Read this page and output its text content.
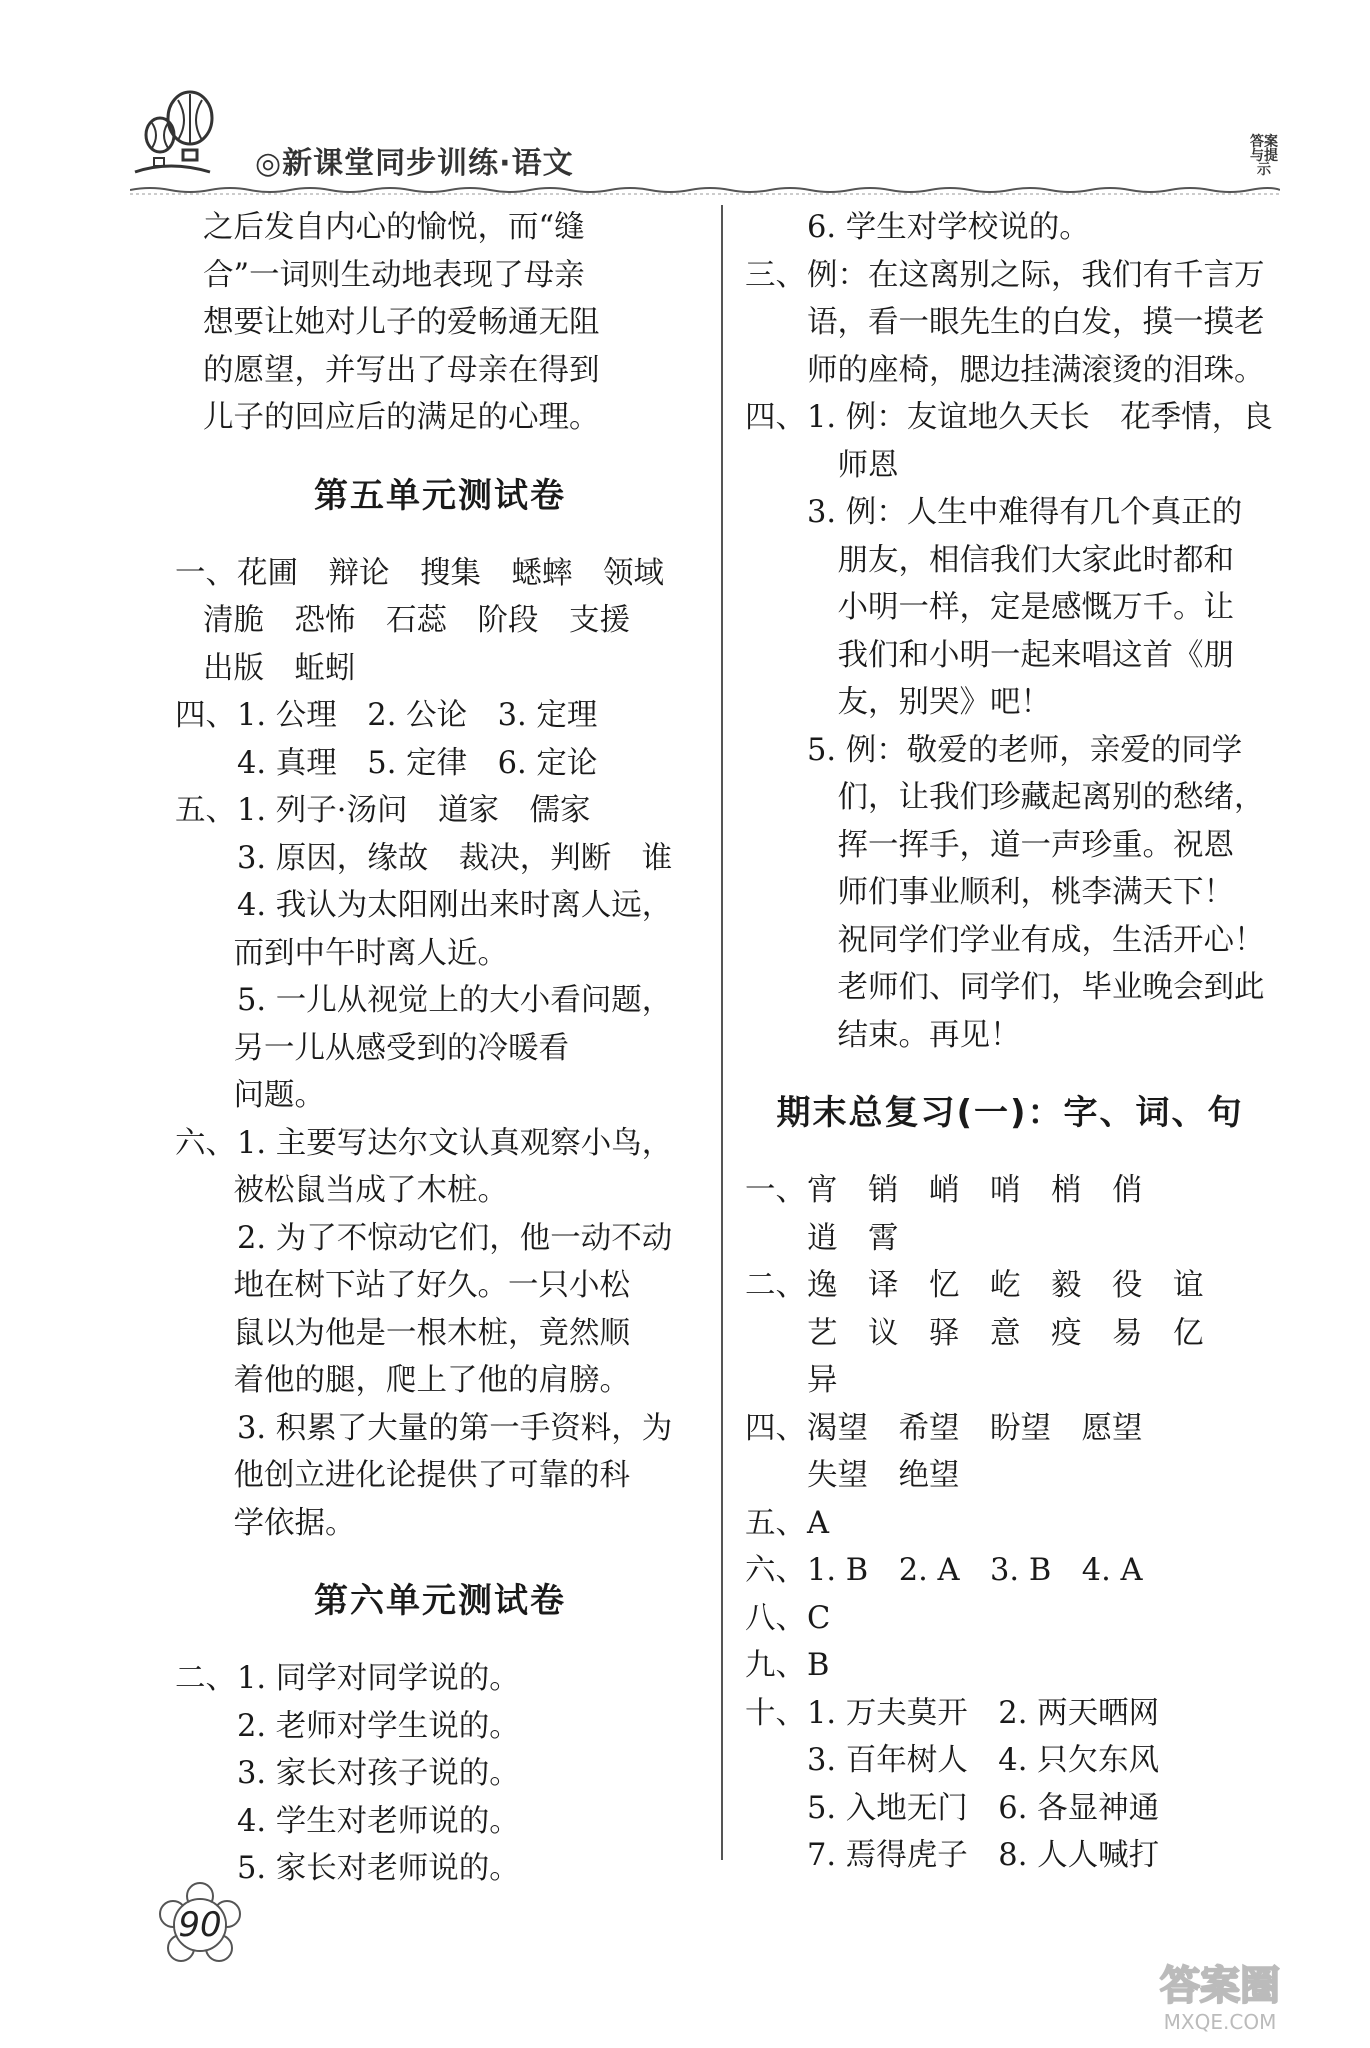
◎新课堂同步训练·语文
答案与提示
之后发自内心的愉悦，而“缝
合”一词则生动地表现了母亲
想要让她对儿子的爱畅通无阻
的愿望，并写出了母亲在得到
儿子的回应后的满足的心理。
第五单元测试卷
一、 花圃　辩论　搜集　蟋蟀　领域
清脆　恐怖　石蕊　阶段　支援
出版　蚯蚓
四、 1. 公理　2. 公论　3. 定理
4. 真理　5. 定律　6. 定论
五、 1. 列子·汤问　道家　儒家
3. 原因，缘故　裁决，判断　谁
4. 我认为太阳刚出来时离人远，
　而到中午时离人近。
5. 一儿从视觉上的大小看问题，
　另一儿从感受到的冷暖看
　问题。
六、 1. 主要写达尔文认真观察小鸟，
　被松鼠当成了木桩。
2. 为了不惊动它们，他一动不动
　地在树下站了好久。一只小松
　鼠以为他是一根木桩，竟然顺
　着他的腿，爬上了他的肩膀。
3. 积累了大量的第一手资料，为
　他创立进化论提供了可靠的科
　学依据。
第六单元测试卷
二、 1. 同学对同学说的。
2. 老师对学生说的。
3. 家长对孩子说的。
4. 学生对老师说的。
5. 家长对老师说的。
6. 学生对学校说的。
三、 例：在这离别之际，我们有千言万
语，看一眼先生的白发，摸一摸老
师的座椅，腮边挂满滚烫的泪珠。
四、 1. 例：友谊地久天长　花季情，良
　师恩
3. 例：人生中难得有几个真正的
　朋友，相信我们大家此时都和
　小明一样，定是感慨万千。让
　我们和小明一起来唱这首《朋
　友，别哭》吧！
5. 例：敬爱的老师，亲爱的同学
　们，让我们珍藏起离别的愁绪，
　挥一挥手，道一声珍重。祝恩
　师们事业顺利，桃李满天下！
　祝同学们学业有成，生活开心！
　老师们、同学们，毕业晚会到此
　结束。再见！
期末总复习(一)：字、词、句
一、 宵　销　峭　哨　梢　俏
逍　霄
二、 逸　译　忆　屹　毅　役　谊
艺　议　驿　意　疫　易　亿
异
四、 渴望　希望　盼望　愿望
失望　绝望
五、 A
六、 1. B　2. A　3. B　4. A
八、 C
九、 B
十、 1. 万夫莫开　2. 两天晒网
3. 百年树人　4. 只欠东风
5. 入地无门　6. 各显神通
7. 焉得虎子　8. 人人喊打
90
答案圈
MXQE.COM
